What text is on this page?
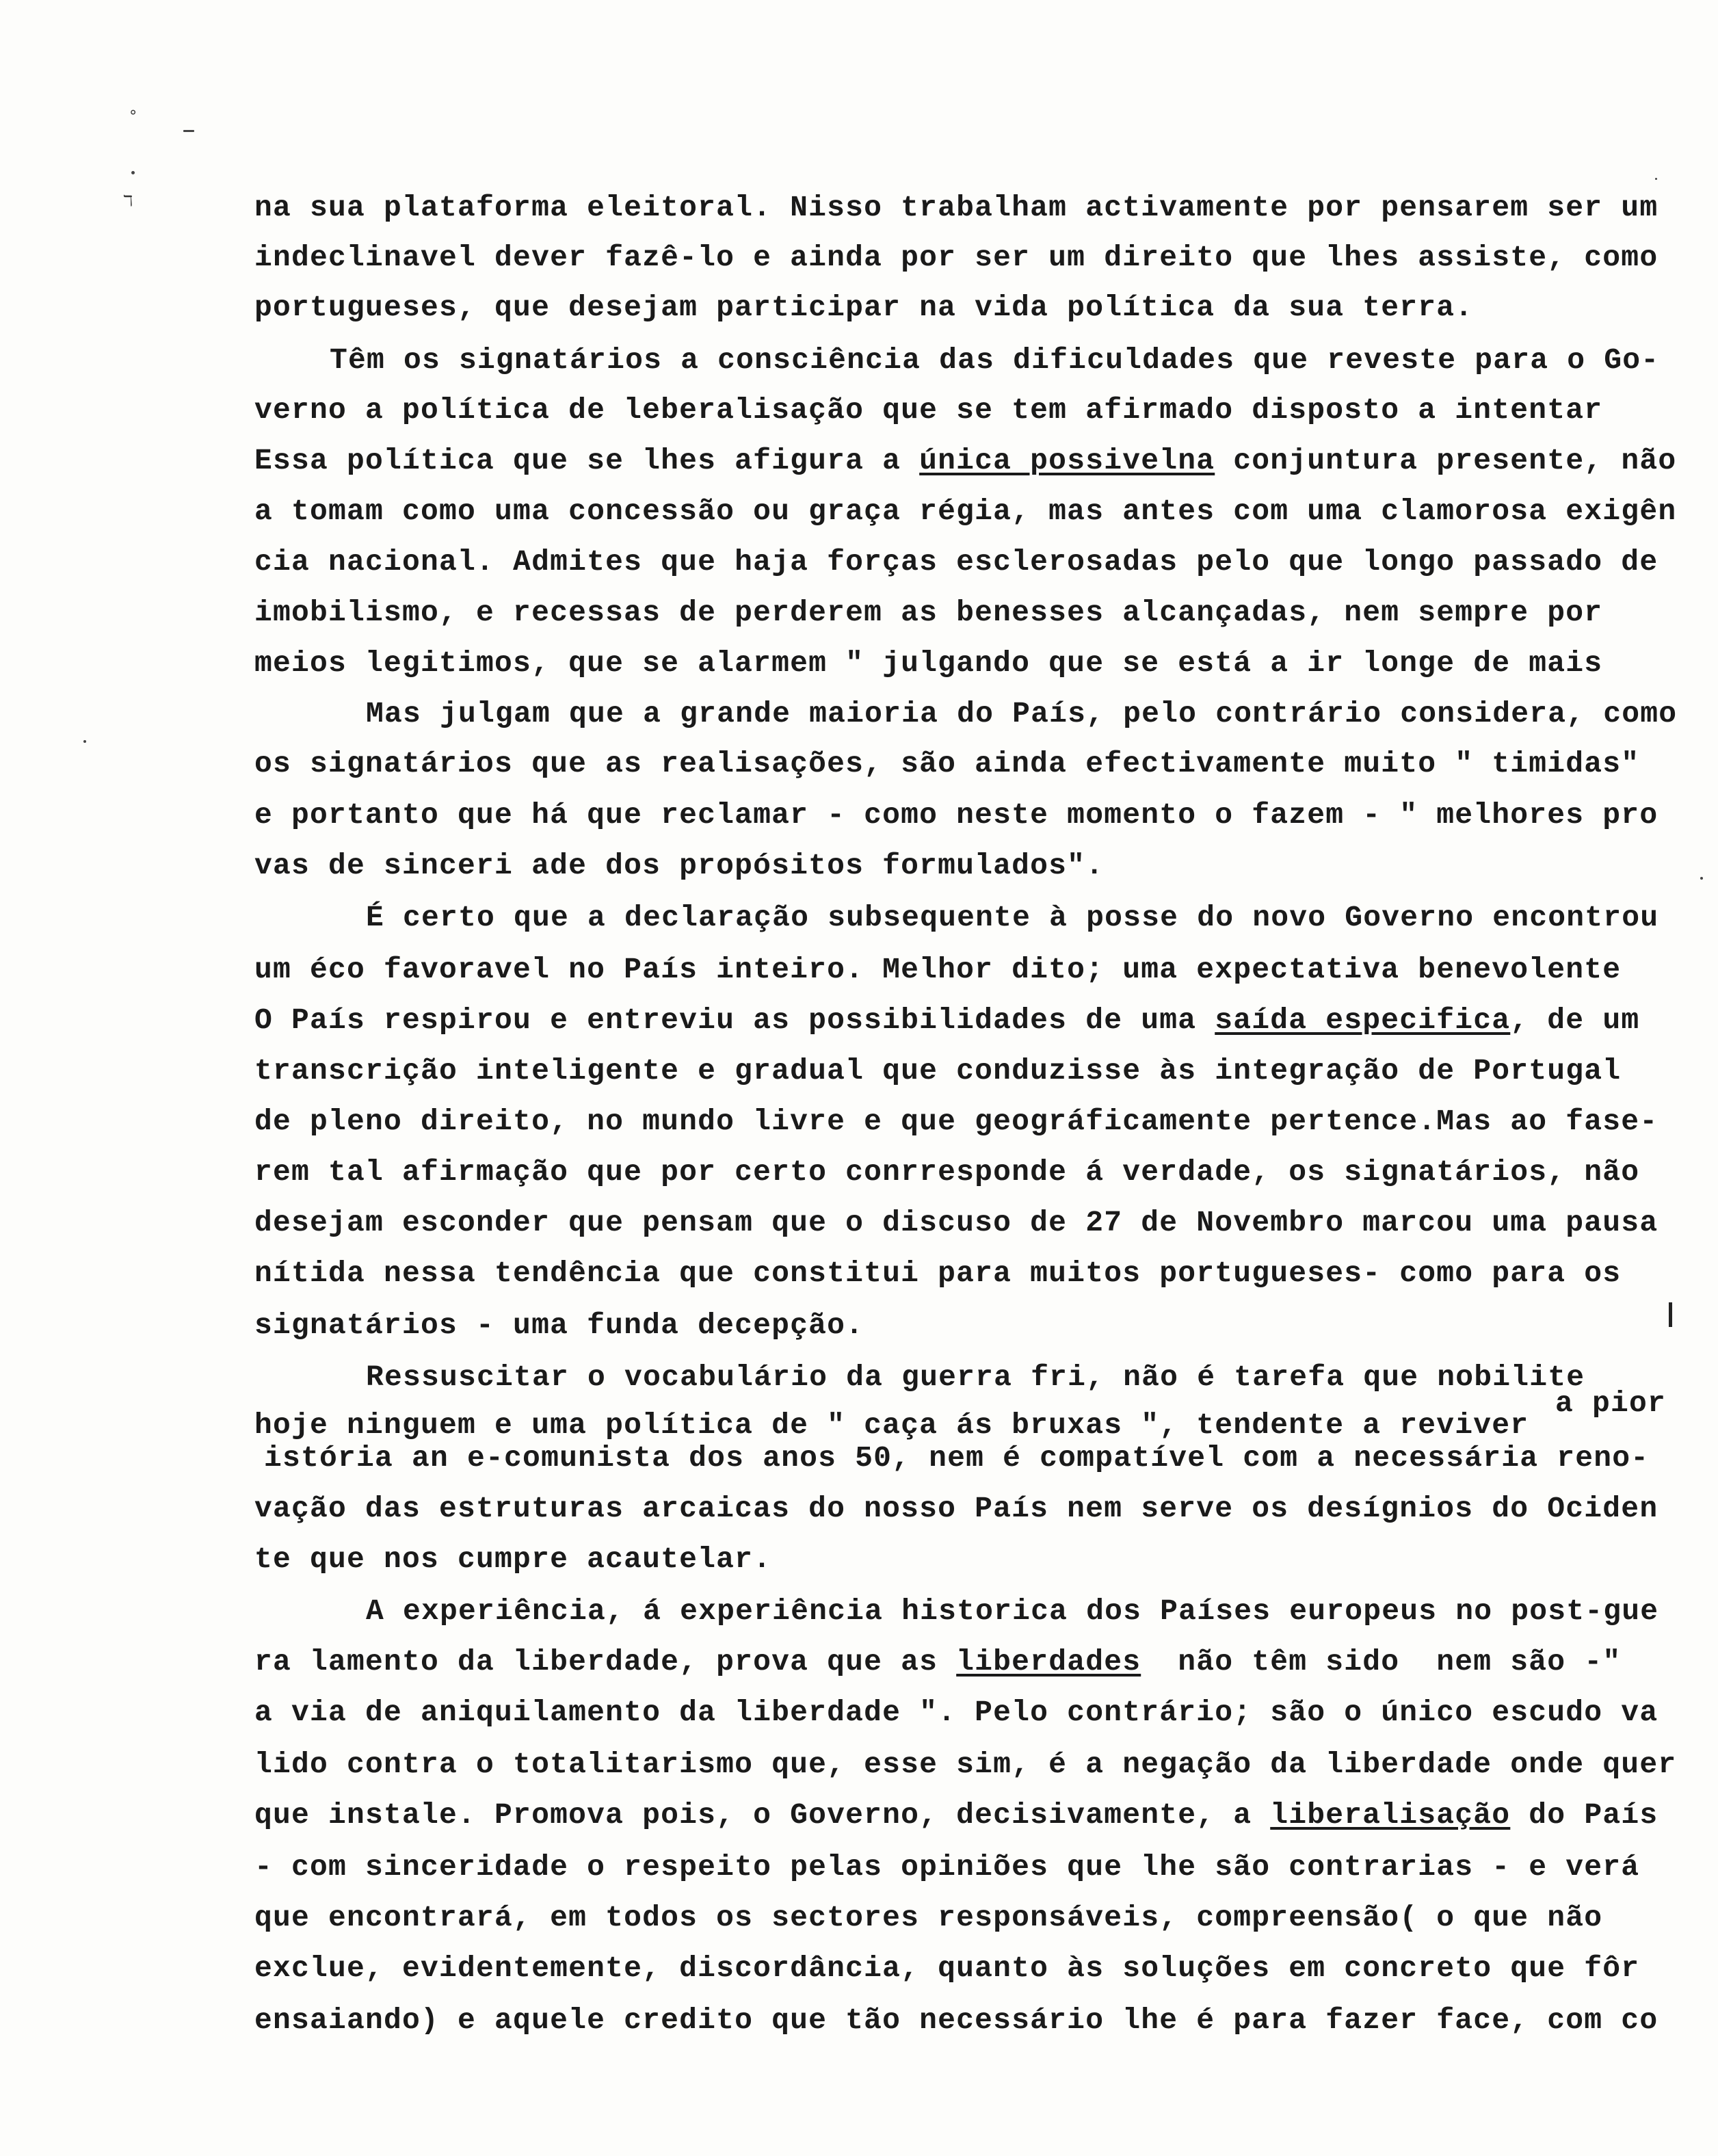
°
ℸ	na sua plataforma eleitoral. Nisso trabalham activamente por pensarem ser um
indeclinavel dever fazê-lo e ainda por ser um direito que lhes assiste, como
portugueses, que desejam participar na vida política da sua terra.
Têm os signatários a consciência das dificuldades que reveste para o Go-
verno a política de leberalisação que se tem afirmado disposto a intentar
Essa política que se lhes afigura a única possivelna conjuntura presente, não
a tomam como uma concessão ou graça régia, mas antes com uma clamorosa exigên
cia nacional. Admites que haja forças esclerosadas pelo que longo passado de
imobilismo, e recessas de perderem as benesses alcançadas, nem sempre por
meios legitimos, que se alarmem " julgando que se está a ir longe de mais
Mas julgam que a grande maioria do País, pelo contrário considera, como
os signatários que as realisações, são ainda efectivamente muito " timidas"
e portanto que há que reclamar - como neste momento o fazem - " melhores pro
vas de sinceri ade dos propósitos formulados".
É certo que a declaração subsequente à posse do novo Governo encontrou
um éco favoravel no País inteiro. Melhor dito; uma expectativa benevolente
O País respirou e entreviu as possibilidades de uma saída especifica, de um
transcrição inteligente e gradual que conduzisse às integração de Portugal
de pleno direito, no mundo livre e que geográficamente pertence.Mas ao fase-
rem tal afirmação que por certo conrresponde á verdade, os signatários, não
desejam esconder que pensam que o discuso de 27 de Novembro marcou uma pausa
nítida nessa tendência que constitui para muitos portugueses- como para os
signatários - uma funda decepção.
Ressuscitar o vocabulário da guerra fri, não é tarefa que nobilite
a pior
hoje ninguem e uma política de " caça ás bruxas ", tendente a reviver
istória an e-comunista dos anos 50, nem é compatível com a necessária reno-
vação das estruturas arcaicas do nosso País nem serve os desígnios do Ociden
te que nos cumpre acautelar.
A experiência, á experiência historica dos Países europeus no post-gue
ra lamento da liberdade, prova que as liberdades  não têm sido  nem são -"
a via de aniquilamento da liberdade ". Pelo contrário; são o único escudo va
lido contra o totalitarismo que, esse sim, é a negação da liberdade onde quer
que instale. Promova pois, o Governo, decisivamente, a liberalisação do País
- com sinceridade o respeito pelas opiniões que lhe são contrarias - e verá
que encontrará, em todos os sectores responsáveis, compreensão( o que não
exclue, evidentemente, discordância, quanto às soluções em concreto que fôr
ensaiando) e aquele credito que tão necessário lhe é para fazer face, com co
